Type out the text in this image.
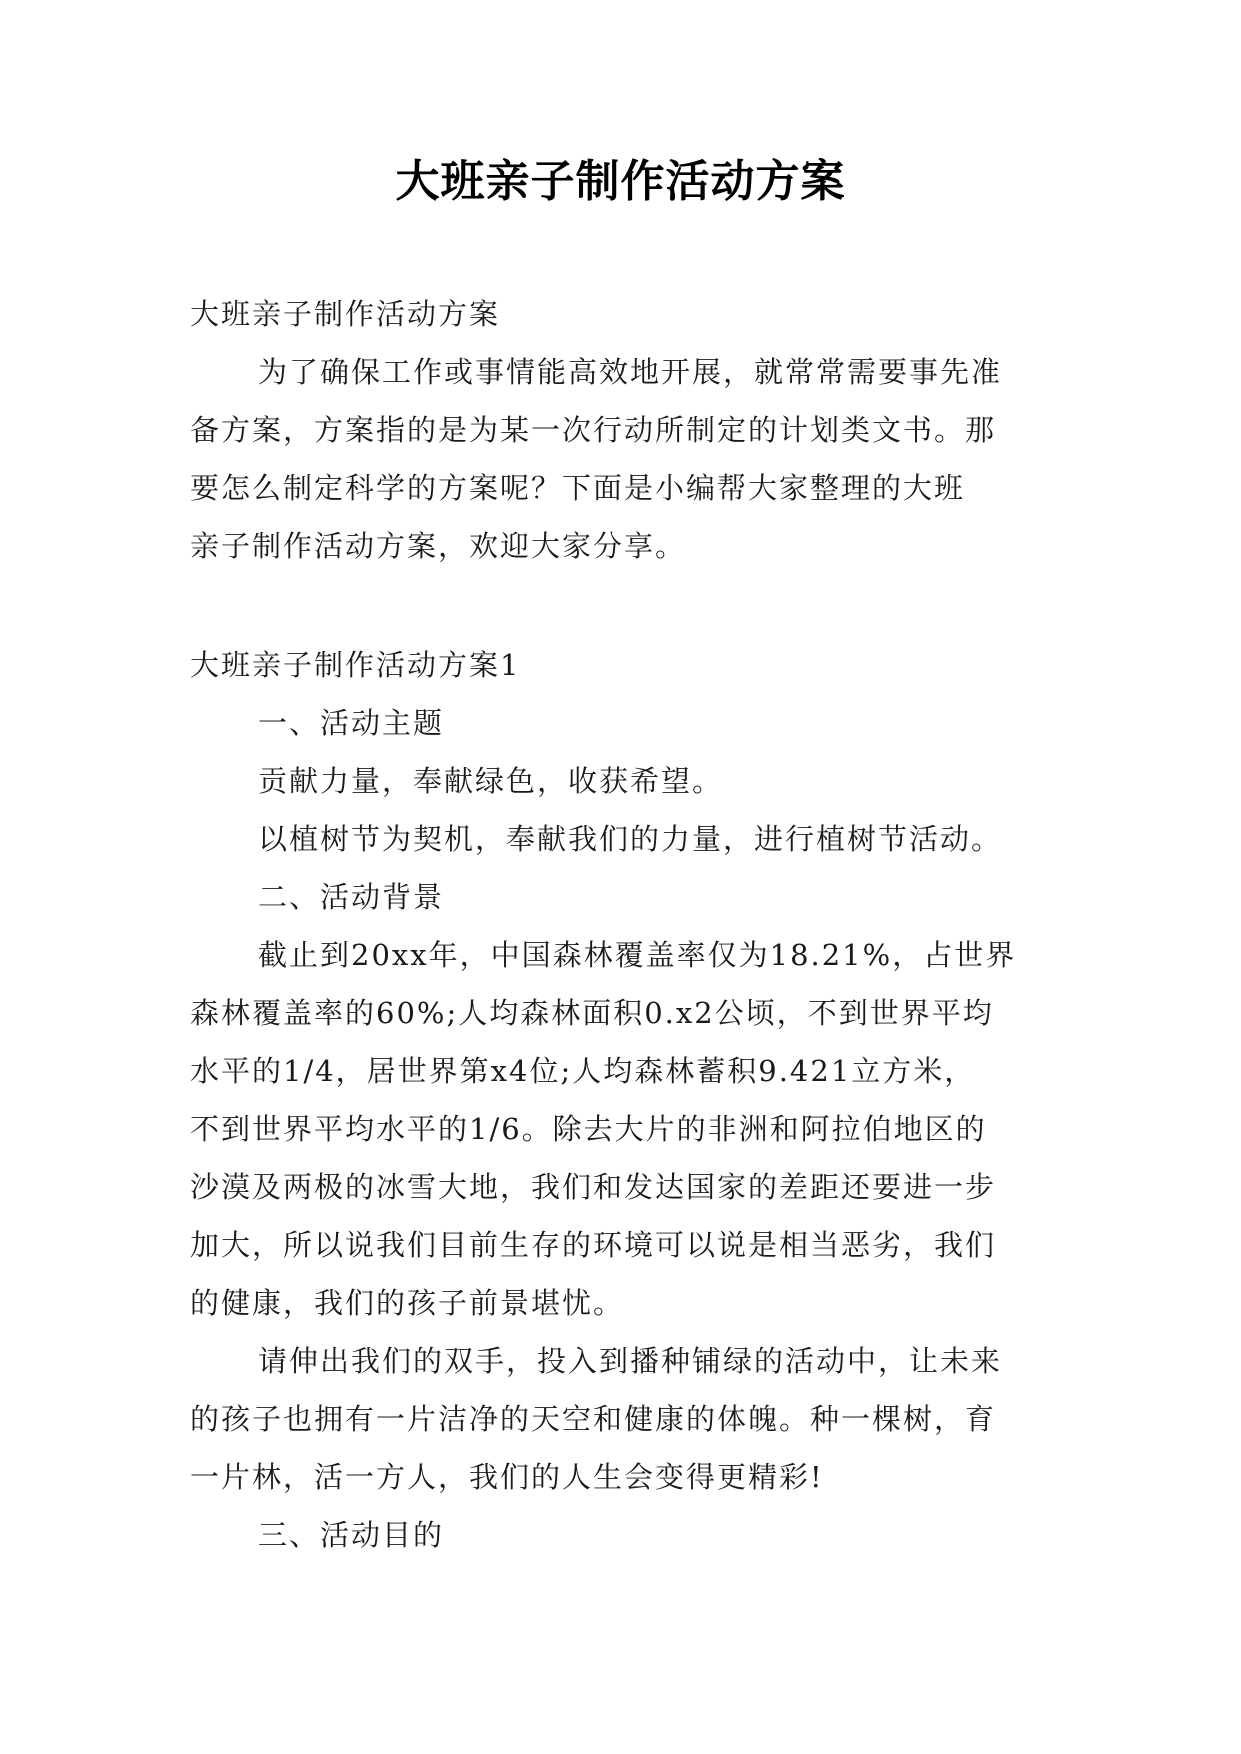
大班亲子制作活动方案
大班亲子制作活动方案
为了确保工作或事情能高效地开展，就常常需要事先准
备方案，方案指的是为某一次行动所制定的计划类文书。那
要怎么制定科学的方案呢？下面是小编帮大家整理的大班
亲子制作活动方案，欢迎大家分享。
大班亲子制作活动方案1
一、活动主题
贡献力量，奉献绿色，收获希望。
以植树节为契机，奉献我们的力量，进行植树节活动。
二、活动背景
截止到20xx年，中国森林覆盖率仅为18.21%，占世界
森林覆盖率的60%;人均森林面积0.x2公顷，不到世界平均
水平的1/4，居世界第x4位;人均森林蓄积9.421立方米，
不到世界平均水平的1/6。除去大片的非洲和阿拉伯地区的
沙漠及两极的冰雪大地，我们和发达国家的差距还要进一步
加大，所以说我们目前生存的环境可以说是相当恶劣，我们
的健康，我们的孩子前景堪忧。
请伸出我们的双手，投入到播种铺绿的活动中，让未来
的孩子也拥有一片洁净的天空和健康的体魄。种一棵树，育
一片林，活一方人，我们的人生会变得更精彩!
三、活动目的
